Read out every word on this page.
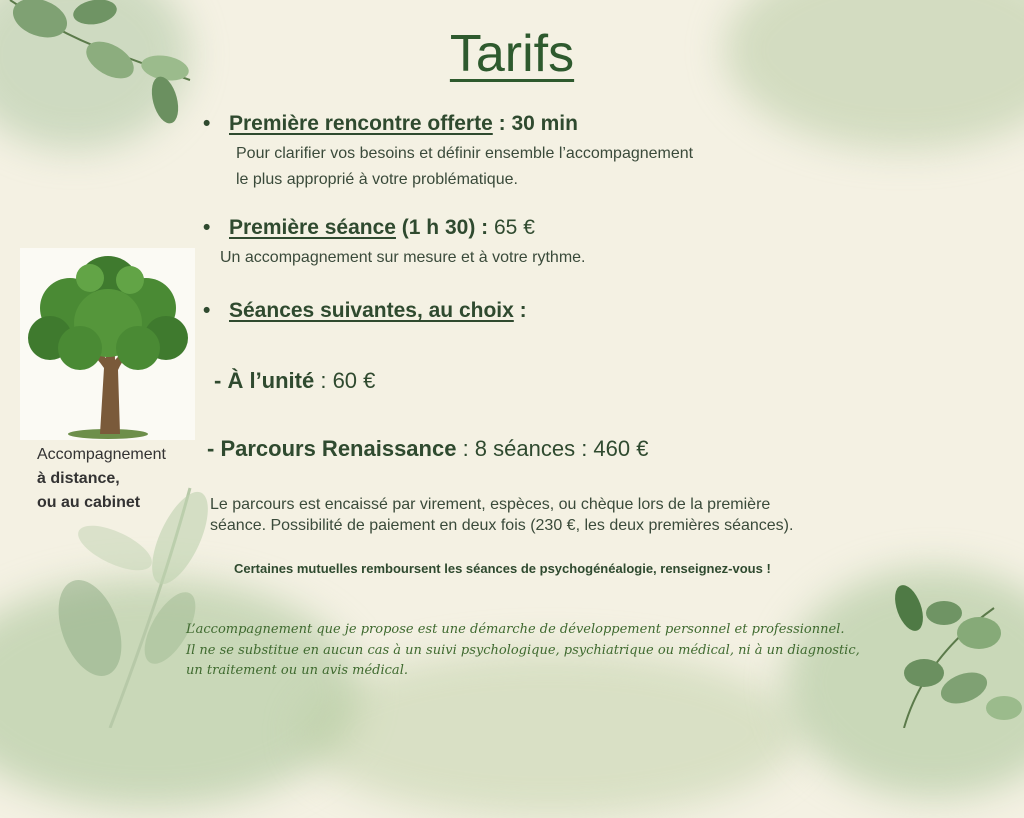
Tarifs
Accompagnement
à distance,
ou au cabinet
• Première rencontre offerte : 30 min
Pour clarifier vos besoins et définir ensemble l’accompagnement
le plus approprié à votre problématique.
• Première séance (1 h 30) : 65 €
Un accompagnement sur mesure et à votre rythme.
• Séances suivantes, au choix :
- À l’unité : 60 €
- Parcours Renaissance : 8 séances : 460 €
Le parcours est encaissé par virement, espèces, ou chèque lors de la première
séance. Possibilité de paiement en deux fois (230 €, les deux premières séances).
Certaines mutuelles remboursent les séances de psychogénéalogie, renseignez-vous !
L’accompagnement que je propose est une démarche de développement personnel et professionnel.
Il ne se substitue en aucun cas à un suivi psychologique, psychiatrique ou médical, ni à un diagnostic,
un traitement ou un avis médical.
